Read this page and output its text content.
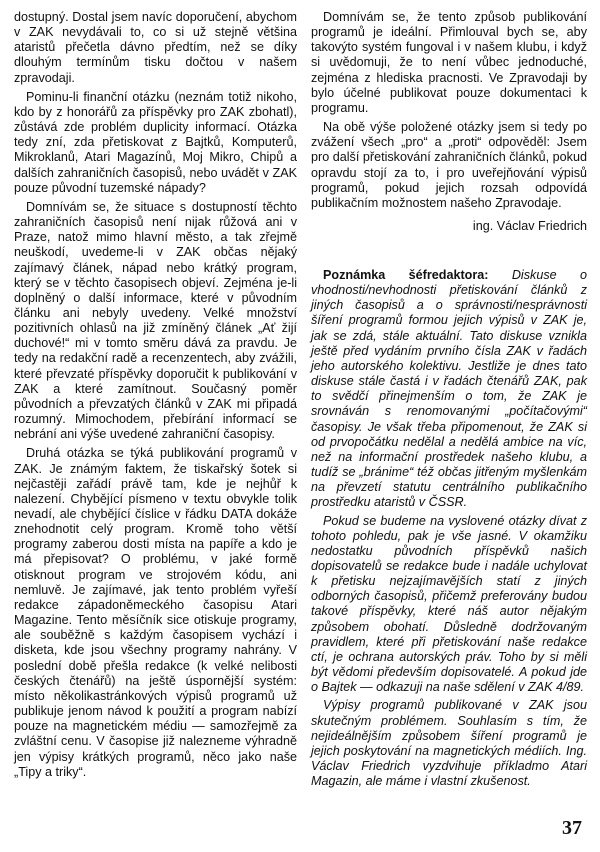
dostupný. Dostal jsem navíc doporučení, abychom v ZAK nevydávali to, co si už stejně většina ataristů přečetla dávno předtím, než se díky dlouhým termínům tisku dočtou v našem zpravodaji.

Pominu-li finanční otázku (neznám totiž nikoho, kdo by z honorářů za příspěvky pro ZAK zbohatl), zůstává zde problém duplicity informací. Otázka tedy zní, zda přetiskovat z Bajtků, Komputerů, Mikroklanů, Atari Magazínů, Moj Mikro, Chipů a dalších zahraničních časopisů, nebo uvádět v ZAK pouze původní tuzemské nápady?

Domnívám se, že situace s dostupností těchto zahraničních časopisů není nijak růžová ani v Praze, natož mimo hlavní město, a tak zřejmě neuškodí, uvedeme-li v ZAK občas nějaký zajímavý článek, nápad nebo krátký program, který se v těchto časopisech objeví. Zejména je-li doplněný o další informace, které v původním článku ani nebyly uvedeny. Velké množství pozitivních ohlasů na již zmíněný článek „Ať žijí duchové!“ mi v tomto směru dává za pravdu. Je tedy na redakční radě a recenzentech, aby zvážili, které převzaté příspěvky doporučit k publikování v ZAK a které zamítnout. Současný poměr původních a převzatých článků v ZAK mi připadá rozumný. Mimochodem, přebírání informací se nebrání ani výše uvedené zahraniční časopisy.

Druhá otázka se týká publikování programů v ZAK. Je známým faktem, že tiskařský šotek si nejčastěji zařádí právě tam, kde je nejhůř k nalezení. Chybějící písmeno v textu obvykle tolik nevadí, ale chybějící číslice v řádku DATA dokáže znehodnotit celý program. Kromě toho větší programy zaberou dosti místa na papíře a kdo je má přepisovat? O problému, v jaké formě otisknout program ve strojovém kódu, ani nemluvě. Je zajímavé, jak tento problém vyřeší redakce západoněmeckého časopisu Atari Magazine. Tento měsíčník sice otiskuje programy, ale souběžně s každým časopisem vychází i disketa, kde jsou všechny programy nahrány. V poslední době přešla redakce (k velké nelibosti českých čtenářů) na ještě úspornější systém: místo několikastránkových výpisů programů už publikuje jenom návod k použití a program nabízí pouze na magnetickém médiu — samozřejmě za zvláštní cenu. V časopise již nalezneme výhradně jen výpisy krátkých programů, něco jako naše „Tipy a triky“.

Domnívám se, že tento způsob publikování programů je ideální. Přimlouval bych se, aby takovýto systém fungoval i v našem klubu, i když si uvědomuji, že to není vůbec jednoduché, zejména z hlediska pracnosti. Ve Zpravodaji by bylo účelné publikovat pouze dokumentaci k programu.

Na obě výše položené otázky jsem si tedy po zvážení všech „pro“ a „proti“ odpověděl: Jsem pro další přetiskování zahraničních článků, pokud opravdu stojí za to, i pro uveřejňování výpisů programů, pokud jejich rozsah odpovídá publikačním možnostem našeho Zpravodaje.

ing. Václav Friedrich

Poznámka šéfredaktora: Diskuse o vhodnosti/nevhodnosti přetiskování článků z jiných časopisů a o správnosti/nesprávnosti šíření programů formou jejich výpisů v ZAK je, jak se zdá, stále aktuální. Tato diskuse vznikla ještě před vydáním prvního čísla ZAK v řadách jeho autorského kolektivu. Jestliže je dnes tato diskuse stále častá i v řadách čtenářů ZAK, pak to svědčí přinejmenším o tom, že ZAK je srovnáván s renomovanými „počítačovými“ časopisy. Je však třeba připomenout, že ZAK si od prvopočátku nedělal a nedělá ambice na víc, než na informační prostředek našeho klubu, a tudíž se „bránime“ též občas jitřeným myšlenkám na převzetí statutu centrálního publikačního prostředku ataristů v ČSSR.

Pokud se budeme na vyslovené otázky dívat z tohoto pohledu, pak je vše jasné. V okamžiku nedostatku původních příspěvků našich dopisovatelů se redakce bude i nadále uchylovat k přetisku nejzajímavějších statí z jiných odborných časopisů, přičemž preferovány budou takové příspěvky, které náš autor nějakým způsobem obohatí. Důsledně dodržovaným pravidlem, které při přetiskování naše redakce ctí, je ochrana autorských práv. Toho by si měli být vědomi především dopisovatelé. A pokud jde o Bajtek — odkazuji na naše sdělení v ZAK 4/89.

Výpisy programů publikované v ZAK jsou skutečným problémem. Souhlasím s tím, že nejideálnějším způsobem šíření programů je jejich poskytování na magnetických médiích. Ing. Václav Friedrich vyzdvihuje příkladmo Atari Magazin, ale máme i vlastní zkušenost.

37
